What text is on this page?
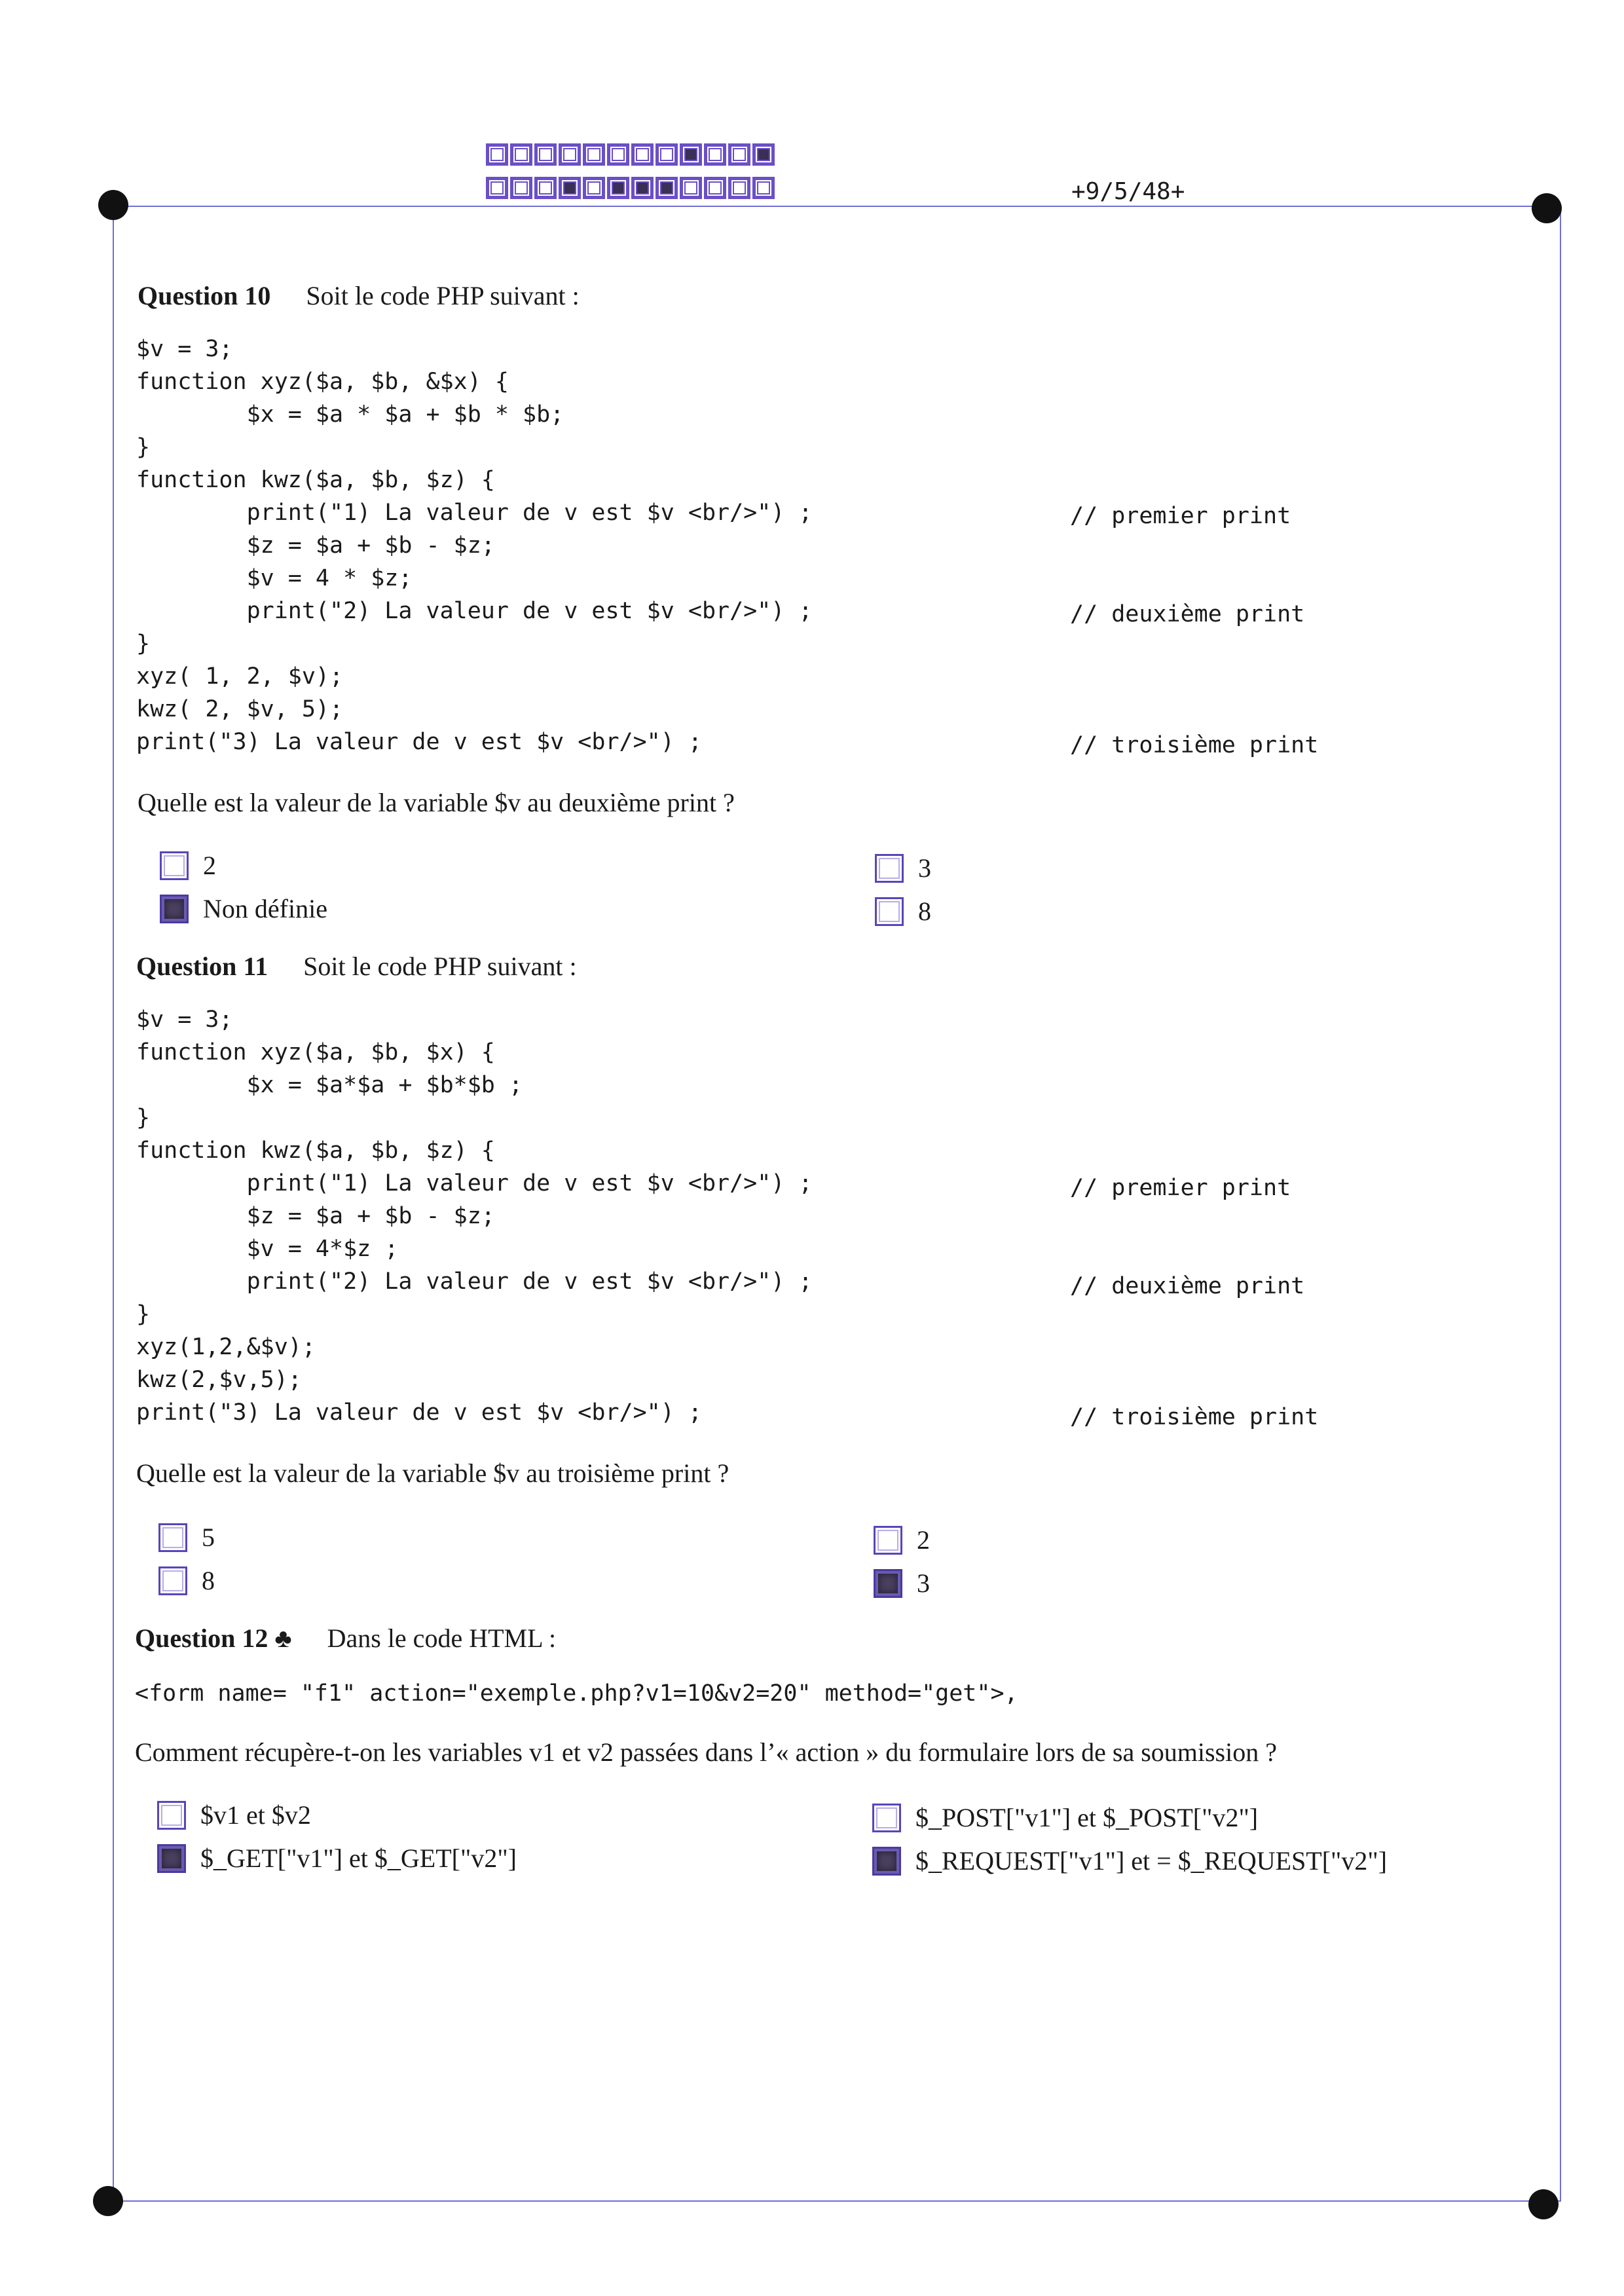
+9/5/48+
Question 10 Soit le code PHP suivant :
$v = 3;
function xyz($a, $b, &$x) {
$x = $a * $a + $b * $b;
}
function kwz($a, $b, $z) {
print("1) La valeur de v est $v <br/>") ;
$z = $a + $b - $z;
$v = 4 * $z;
print("2) La valeur de v est $v <br/>") ;
}
xyz( 1, 2, $v);
kwz( 2, $v, 5);
print("3) La valeur de v est $v <br/>") ;
// premier print
// deuxième print
// troisième print
Quelle est la valeur de la variable $v au deuxième print ?
2
Non définie
3
8
Question 11 Soit le code PHP suivant :
$v = 3;
function xyz($a, $b, $x) {
$x = $a*$a + $b*$b ;
}
function kwz($a, $b, $z) {
print("1) La valeur de v est $v <br/>") ;
$z = $a + $b - $z;
$v = 4*$z ;
print("2) La valeur de v est $v <br/>") ;
}
xyz(1,2,&$v);
kwz(2,$v,5);
print("3) La valeur de v est $v <br/>") ;
// premier print
// deuxième print
// troisième print
Quelle est la valeur de la variable $v au troisième print ?
5
8
2
3
Question 12 ♣ Dans le code HTML :
<form name= "f1" action="exemple.php?v1=10&v2=20" method="get">,
Comment récupère-t-on les variables v1 et v2 passées dans l’« action » du formulaire lors de sa soumission ?
$v1 et $v2
$_GET["v1"] et $_GET["v2"]
$_POST["v1"] et $_POST["v2"]
$_REQUEST["v1"] et = $_REQUEST["v2"]
